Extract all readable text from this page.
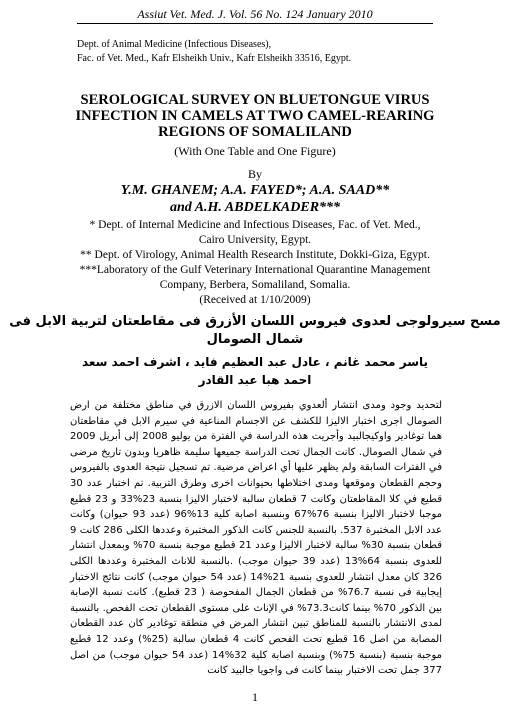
Assiut Vet. Med. J. Vol. 56 No. 124 January 2010
Dept. of Animal Medicine (Infectious Diseases),
Fac. of Vet. Med., Kafr Elsheikh Univ., Kafr Elsheikh 33516, Egypt.
SEROLOGICAL SURVEY ON BLUETONGUE VIRUS
INFECTION IN CAMELS AT TWO CAMEL-REARING
REGIONS OF SOMALILAND
(With One Table and One Figure)
By
Y.M. GHANEM; A.A. FAYED*; A.A. SAAD**
and A.H. ABDELKADER***
* Dept. of Internal Medicine and Infectious Diseases, Fac. of Vet. Med.,
Cairo University, Egypt.
** Dept. of Virology, Animal Health Research Institute, Dokki-Giza, Egypt.
***Laboratory of the Gulf Veterinary International Quarantine Management
Company, Berbera, Somaliland, Somalia.
(Received at 1/10/2009)
مسح سيرولوجى لعدوى فيروس اللسان الأزرق فى مقاطعتان لتربية الابل فى
شمال الصومال
ياسر محمد غانم ، عادل عبد العظيم فايد ، اشرف احمد سعد
احمد هبا عبد القادر
لتحديد وجود ومدى انتشار ألعدوي بفيروس اللسان الازرق في مناطق مختلفة من ارض الصومال اجرى اختبار الاليزا للكشف عن الاجسام المناعية في سيرم الابل في مقاطعتان هما توغادير واوكيجالبيد وأجريت هذه الدراسة في الفترة من يوليو 2008 إلى أبريل 2009 في شمال الصومال. كانت الجمال تحت الدراسة جميعها سليمة ظاهريا وبدون تاريخ مرضى في الفترات السابقة ولم يظهر عليها أي اعراض مرضية. تم تسجيل نتيجة العدوى بالفيروس وحجم القطعان وموقعها ومدى اختلاطها بحيوانات اخرى وطرق التربية. تم اختبار عدد 30 قطيع في كلا المقاطعتان وكانت 7 قطعان سالبة لاختبار الاليزا بنسبة 23%33 و 23 قطيع موجبا لاختبار الاليزا بنسبة 76%67 وبنسبة اصابة كلية 13%96 (عدد 93 حيوان) وكانت عدد الابل المختبرة 537. بالنسبة للجنس كانت الذكور المختبرة وعددها الكلى 286 كانت 9 قطعان بنسبة 30% سالبة لاختبار الاليزا وعدد 21 قطيع موجبة بنسبة 70% وبمعدل انتشار للعدوى بنسبة 64%13 (عدد 39 حيوان موجب) .بالنسبة للاناث المختبرة وعددها الكلى 326 كان معدل انتشار للعدوى بنسبة 21%14 (عدد 54 حيوان موجب) كانت نتائج الاختبار إيجابية فى نسبة 76.7% من قطعان الجمال المفحوصة ( 23 قطيع). كانت نسبة الإصابة بين الذكور 70% بينما كانت73.3% في الإناث على مستوى القطعان تحت الفحص. بالنسبة لمدى الانتشار بالنسبة للمناطق تبين انتشار المرض في منطقة توغادير كان عدد القطعان المصابة من اصل 16 قطيع تحت الفحص كانت 4 قطعان سالبة (25%) وعدد 12 قطيع موجبة بنسبة (بنسبة 75%) وبنسبة اصابة كلية 32%14 (عدد 54 حيوان موجب) من اصل 377 جمل تحت الاختبار بينما كانت فى واجويا جالبيد كانت
1
